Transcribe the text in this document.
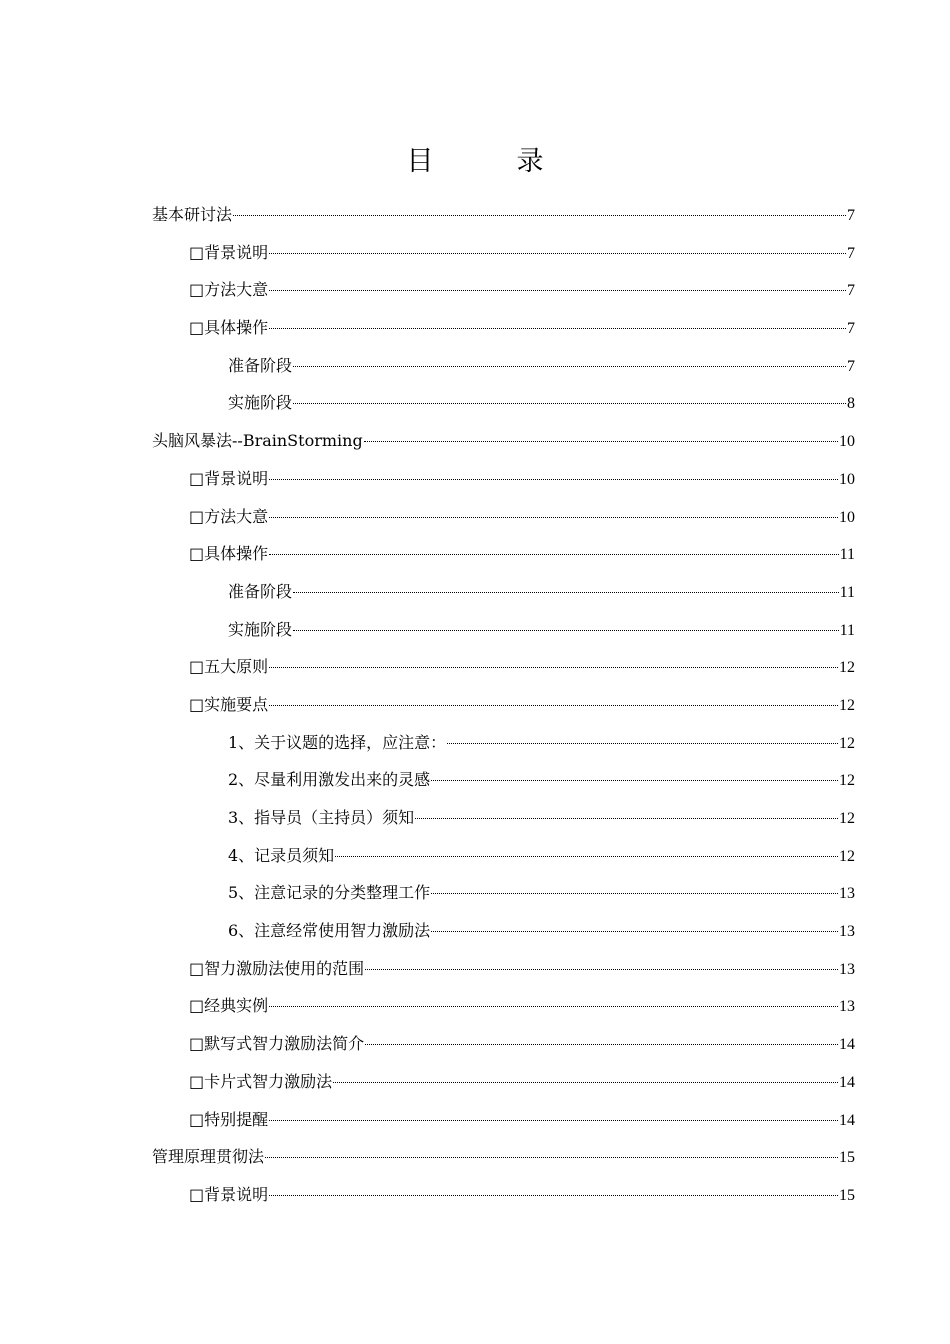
目　录
基本研讨法	7
□背景说明	7
□方法大意	7
□具体操作	7
准备阶段	7
实施阶段	8
头脑风暴法--BrainStorming	10
□背景说明	10
□方法大意	10
□具体操作	11
准备阶段	11
实施阶段	11
□五大原则	12
□实施要点	12
1、关于议题的选择，应注意：	12
2、尽量利用激发出来的灵感	12
3、指导员（主持员）须知	12
4、记录员须知	12
5、注意记录的分类整理工作	13
6、注意经常使用智力激励法	13
□智力激励法使用的范围	13
□经典实例	13
□默写式智力激励法简介	14
□卡片式智力激励法	14
□特别提醒	14
管理原理贯彻法	15
□背景说明	15
